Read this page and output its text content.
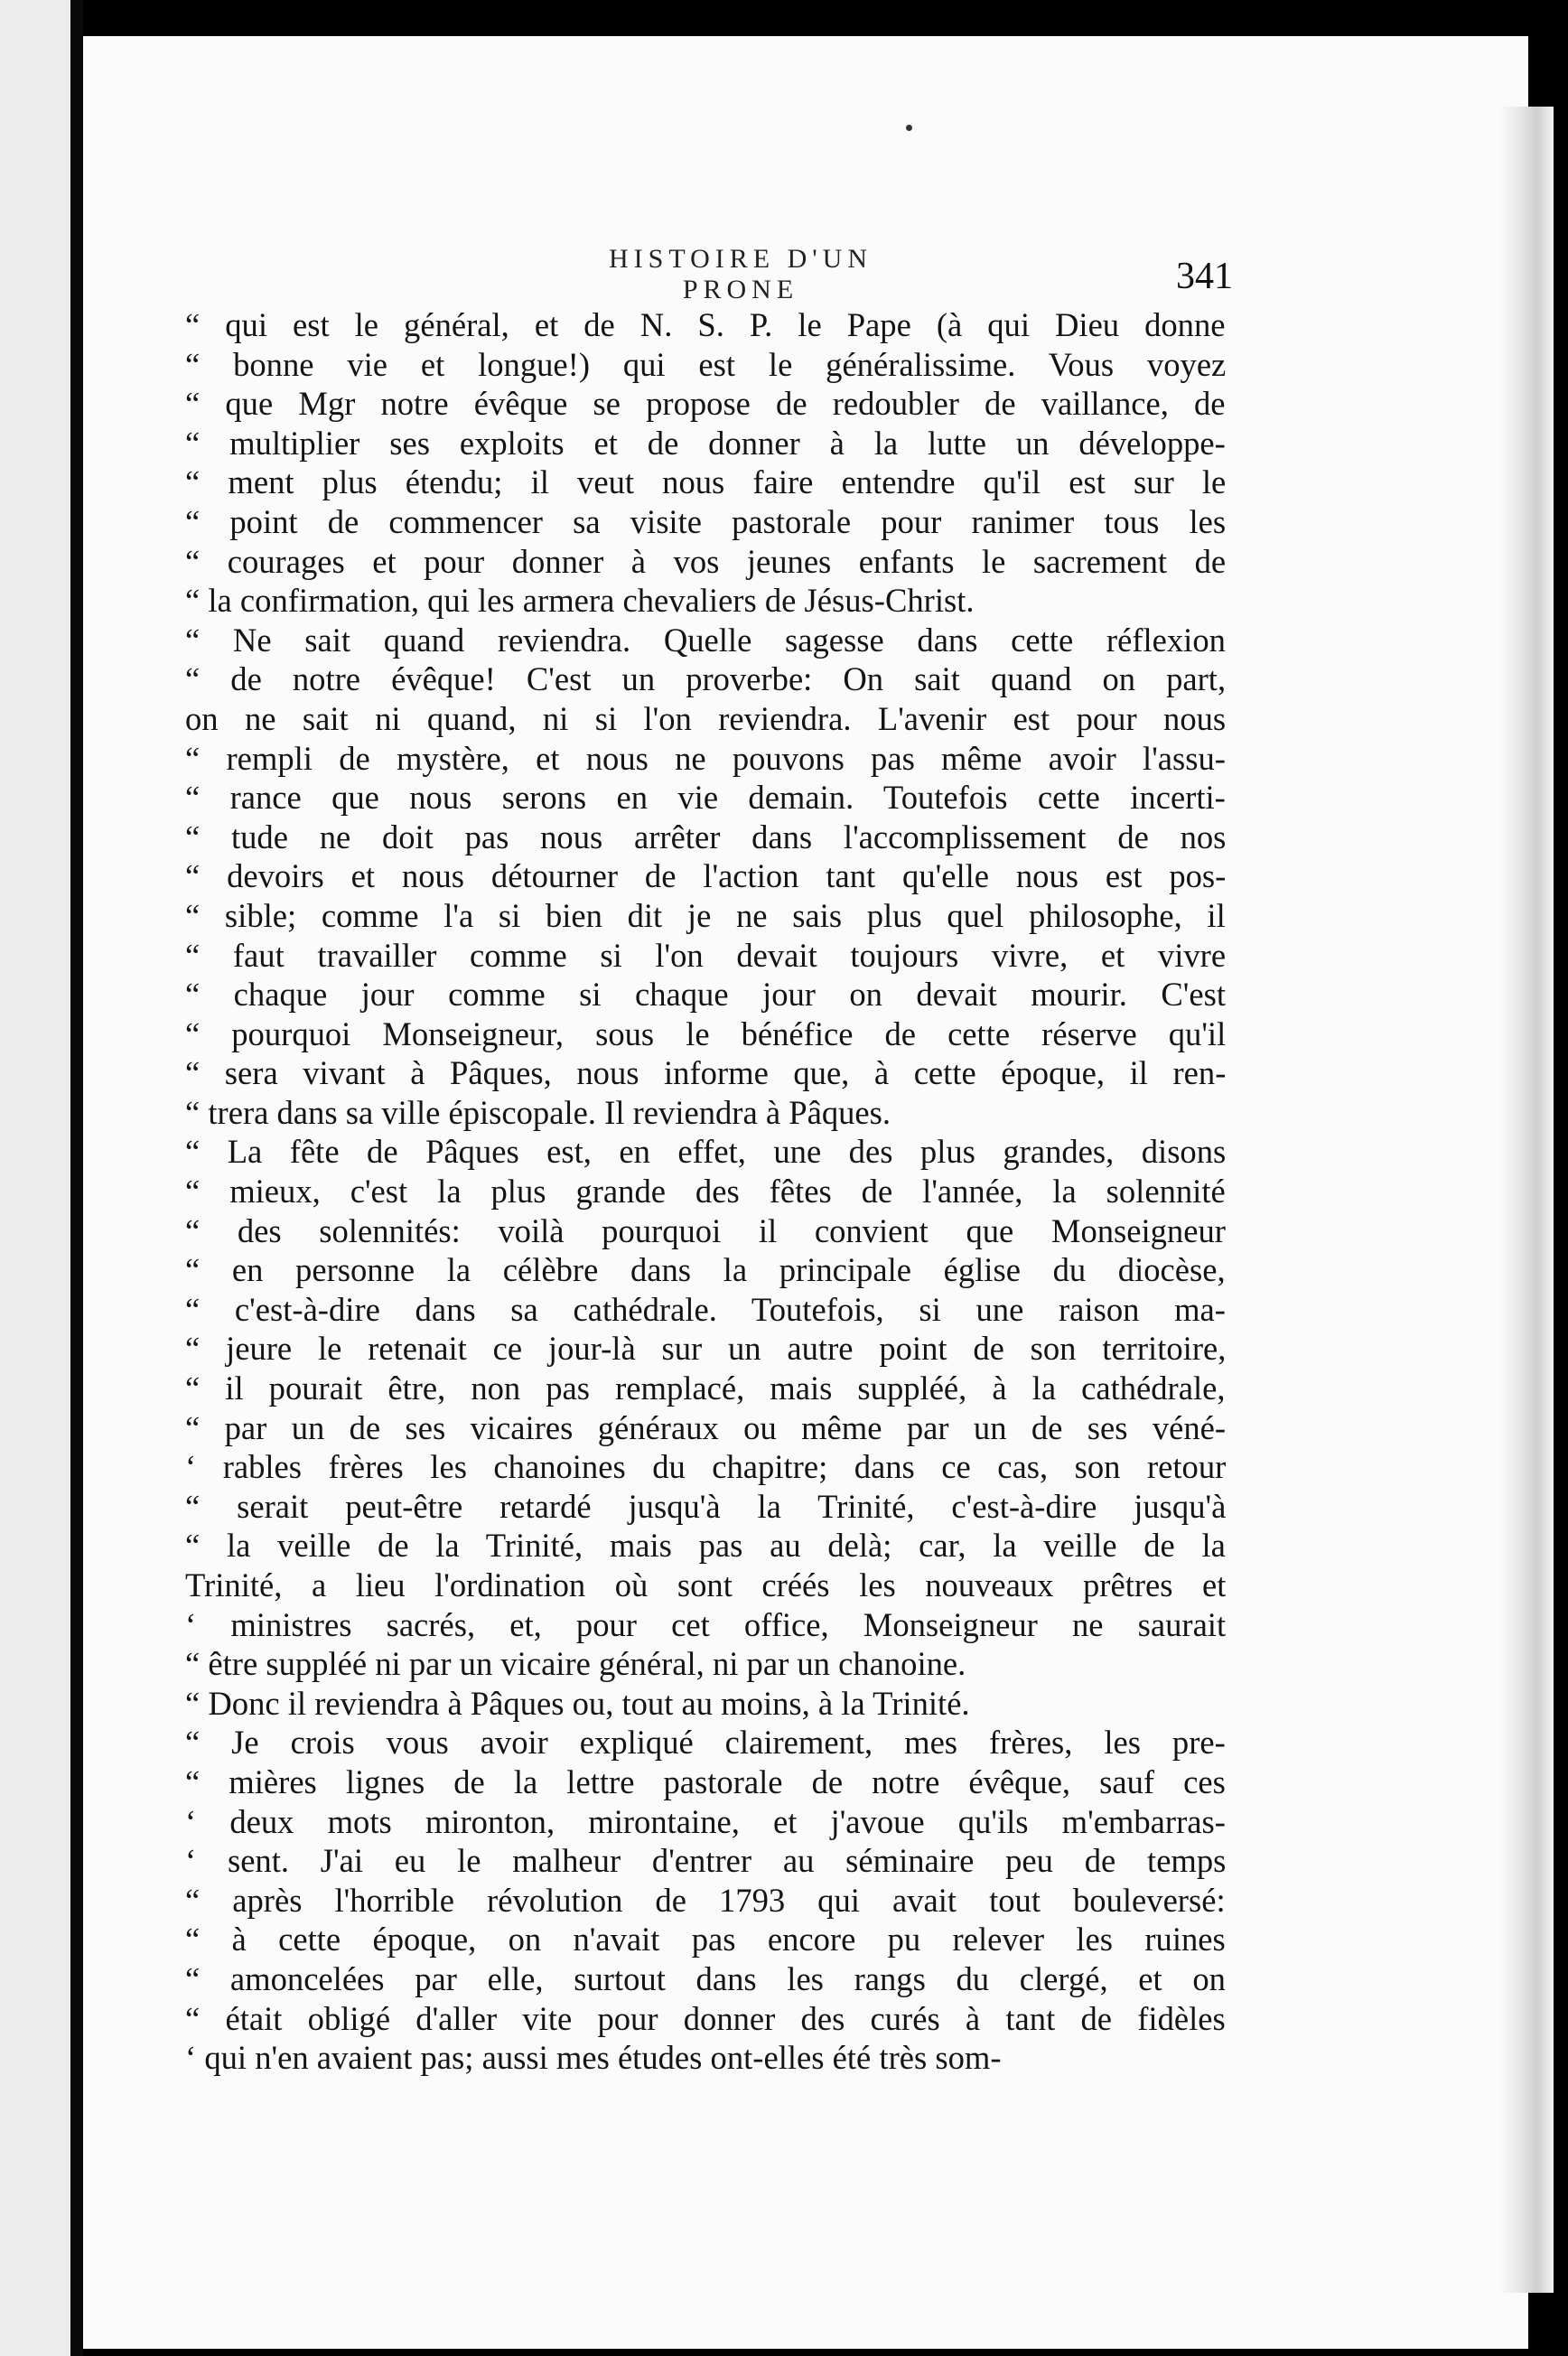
HISTOIRE D'UN PRONE	341
“ qui est le général, et de N. S. P. le Pape (à qui Dieu donne
“ bonne vie et longue!) qui est le généralissime. Vous voyez
“ que Mgr notre évêque se propose de redoubler de vaillance, de
“ multiplier ses exploits et de donner à la lutte un développe-
“ ment plus étendu; il veut nous faire entendre qu'il est sur le
“ point de commencer sa visite pastorale pour ranimer tous les
“ courages et pour donner à vos jeunes enfants le sacrement de
“ la confirmation, qui les armera chevaliers de Jésus-Christ.
“ Ne sait quand reviendra. Quelle sagesse dans cette réflexion
“ de notre évêque! C'est un proverbe: On sait quand on part,
on ne sait ni quand, ni si l'on reviendra. L'avenir est pour nous
“ rempli de mystère, et nous ne pouvons pas même avoir l'assu-
“ rance que nous serons en vie demain. Toutefois cette incerti-
“ tude ne doit pas nous arrêter dans l'accomplissement de nos
“ devoirs et nous détourner de l'action tant qu'elle nous est pos-
“ sible; comme l'a si bien dit je ne sais plus quel philosophe, il
“ faut travailler comme si l'on devait toujours vivre, et vivre
“ chaque jour comme si chaque jour on devait mourir. C'est
“ pourquoi Monseigneur, sous le bénéfice de cette réserve qu'il
“ sera vivant à Pâques, nous informe que, à cette époque, il ren-
“ trera dans sa ville épiscopale. Il reviendra à Pâques.
“ La fête de Pâques est, en effet, une des plus grandes, disons
“ mieux, c'est la plus grande des fêtes de l'année, la solennité
“ des solennités: voilà pourquoi il convient que Monseigneur
“ en personne la célèbre dans la principale église du diocèse,
“ c'est-à-dire dans sa cathédrale. Toutefois, si une raison ma-
“ jeure le retenait ce jour-là sur un autre point de son territoire,
“ il pourait être, non pas remplacé, mais suppléé, à la cathédrale,
“ par un de ses vicaires généraux ou même par un de ses véné-
‘ rables frères les chanoines du chapitre; dans ce cas, son retour
“ serait peut-être retardé jusqu'à la Trinité, c'est-à-dire jusqu'à
“ la veille de la Trinité, mais pas au delà; car, la veille de la
Trinité, a lieu l'ordination où sont créés les nouveaux prêtres et
‘ ministres sacrés, et, pour cet office, Monseigneur ne saurait
“ être suppléé ni par un vicaire général, ni par un chanoine.
“ Donc il reviendra à Pâques ou, tout au moins, à la Trinité.
“ Je crois vous avoir expliqué clairement, mes frères, les pre-
“ mières lignes de la lettre pastorale de notre évêque, sauf ces
‘ deux mots mironton, mirontaine, et j'avoue qu'ils m'embarras-
‘ sent. J'ai eu le malheur d'entrer au séminaire peu de temps
“ après l'horrible révolution de 1793 qui avait tout bouleversé:
“ à cette époque, on n'avait pas encore pu relever les ruines
“ amoncelées par elle, surtout dans les rangs du clergé, et on
“ était obligé d'aller vite pour donner des curés à tant de fidèles
‘ qui n'en avaient pas; aussi mes études ont-elles été très som-
